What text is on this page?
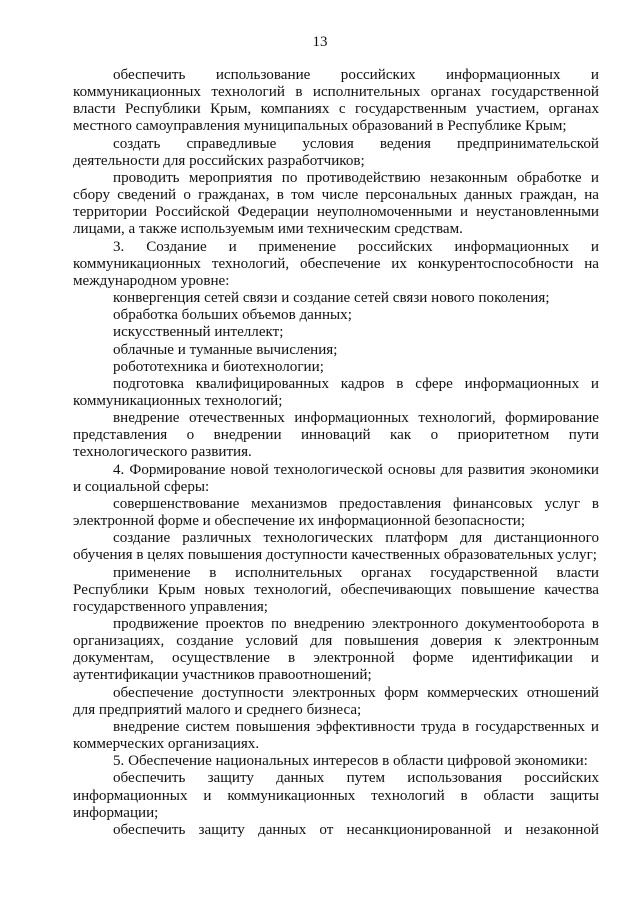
13

обеспечить использование российских информационных и коммуникационных технологий в исполнительных органах государственной власти Республики Крым, компаниях с государственным участием, органах местного самоуправления муниципальных образований в Республике Крым;

создать справедливые условия ведения предпринимательской деятельности для российских разработчиков;

проводить мероприятия по противодействию незаконным обработке и сбору сведений о гражданах, в том числе персональных данных граждан, на территории Российской Федерации неуполномоченными и неустановленными лицами, а также используемым ими техническим средствам.

3. Создание и применение российских информационных и коммуникационных технологий, обеспечение их конкурентоспособности на международном уровне:

конвергенция сетей связи и создание сетей связи нового поколения;

обработка больших объемов данных;

искусственный интеллект;

облачные и туманные вычисления;

робототехника и биотехнологии;

подготовка квалифицированных кадров в сфере информационных и коммуникационных технологий;

внедрение отечественных информационных технологий, формирование представления о внедрении инноваций как о приоритетном пути технологического развития.

4. Формирование новой технологической основы для развития экономики и социальной сферы:

совершенствование механизмов предоставления финансовых услуг в электронной форме и обеспечение их информационной безопасности;

создание различных технологических платформ для дистанционного обучения в целях повышения доступности качественных образовательных услуг;

применение в исполнительных органах государственной власти Республики Крым новых технологий, обеспечивающих повышение качества государственного управления;

продвижение проектов по внедрению электронного документооборота в организациях, создание условий для повышения доверия к электронным документам, осуществление в электронной форме идентификации и аутентификации участников правоотношений;

обеспечение доступности электронных форм коммерческих отношений для предприятий малого и среднего бизнеса;

внедрение систем повышения эффективности труда в государственных и коммерческих организациях.

5. Обеспечение национальных интересов в области цифровой экономики:

обеспечить защиту данных путем использования российских информационных и коммуникационных технологий в области защиты информации;

обеспечить защиту данных от несанкционированной и незаконной
